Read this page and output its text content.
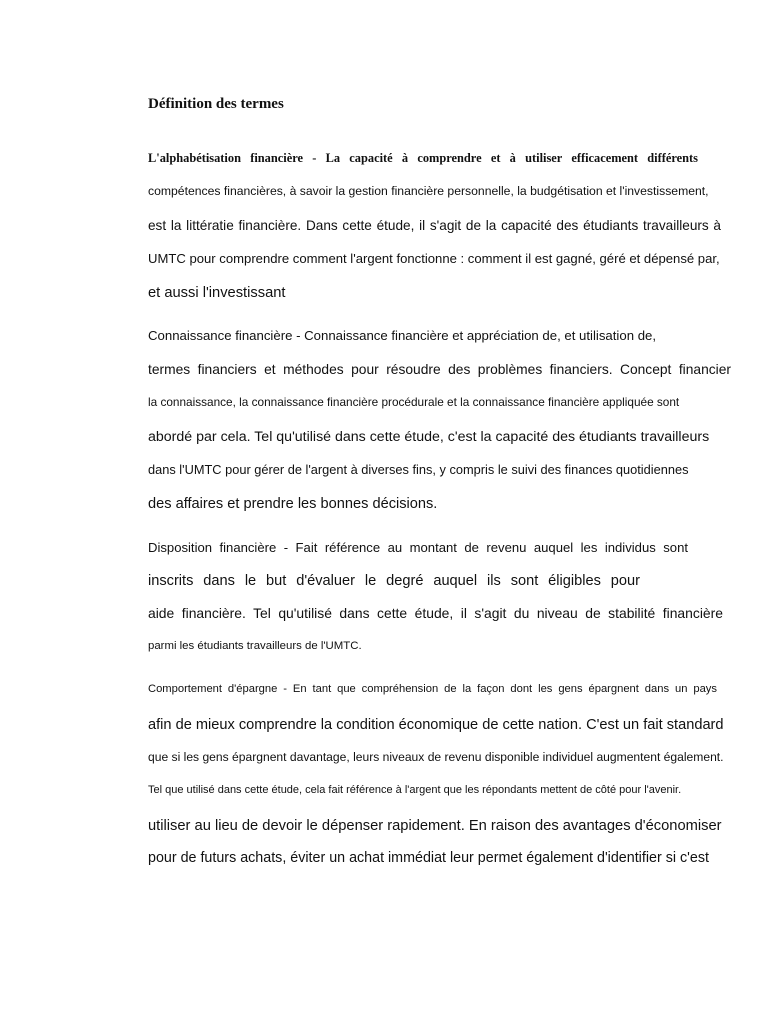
Définition des termes
L'alphabétisation financière - La capacité à comprendre et à utiliser efficacement différents
compétences financières, à savoir la gestion financière personnelle, la budgétisation et l'investissement,
est la littératie financière. Dans cette étude, il s'agit de la capacité des étudiants travailleurs à
UMTC pour comprendre comment l'argent fonctionne : comment il est gagné, géré et dépensé par,
et aussi l'investissant
Connaissance financière - Connaissance financière et appréciation de, et utilisation de,
termes financiers et méthodes pour résoudre des problèmes financiers. Concept financier
la connaissance, la connaissance financière procédurale et la connaissance financière appliquée sont
abordé par cela. Tel qu'utilisé dans cette étude, c'est la capacité des étudiants travailleurs
dans l'UMTC pour gérer de l'argent à diverses fins, y compris le suivi des finances quotidiennes
des affaires et prendre les bonnes décisions.
Disposition financière - Fait référence au montant de revenu auquel les individus sont
inscrits dans le but d'évaluer le degré auquel ils sont éligibles pour
aide financière. Tel qu'utilisé dans cette étude, il s'agit du niveau de stabilité financière
parmi les étudiants travailleurs de l'UMTC.
Comportement d'épargne - En tant que compréhension de la façon dont les gens épargnent dans un pays
afin de mieux comprendre la condition économique de cette nation. C'est un fait standard
que si les gens épargnent davantage, leurs niveaux de revenu disponible individuel augmentent également.
Tel que utilisé dans cette étude, cela fait référence à l'argent que les répondants mettent de côté pour l'avenir.
utiliser au lieu de devoir le dépenser rapidement. En raison des avantages d'économiser
pour de futurs achats, éviter un achat immédiat leur permet également d'identifier si c'est
